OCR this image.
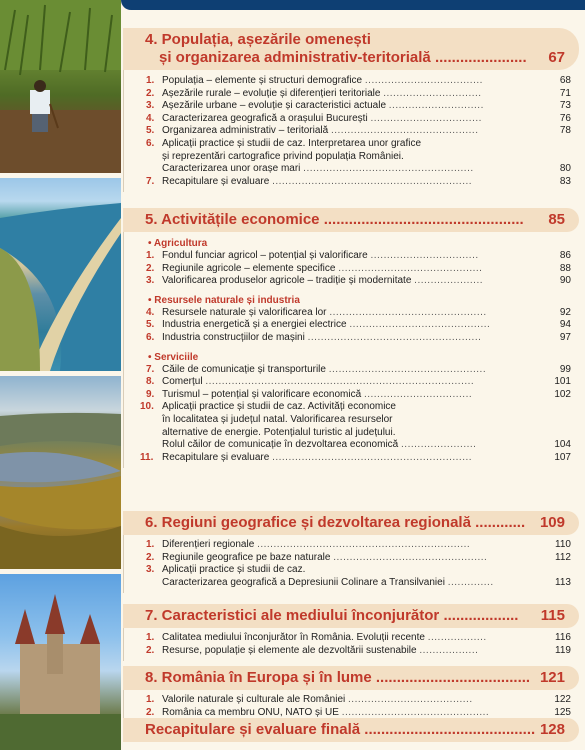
4. Populația, așezările omenești
și organizarea administrativ-teritorială ......................	67
1. Populația – elemente și structuri demografice ....................................	68
2. Așezările rurale – evoluție și diferențieri teritoriale ..............................	71
3. Așezările urbane – evoluție și caracteristici actuale .............................	73
4. Caracterizarea geografică a orașului București ..................................	76
5. Organizarea administrativ – teritorială .............................................	78
6. Aplicații practice și studii de caz. Interpretarea unor grafice
și reprezentări cartografice privind populația României.
Caracterizarea unor orașe mari ....................................................	80
7. Recapitulare și evaluare .............................................................	83
5. Activitățile economice ................................................ 85
• Agricultura
1. Fondul funciar agricol – potențial și valorificare .................................	86
2. Regiunile agricole – elemente specifice ............................................	88
3. Valorificarea produselor agricole – tradiție și modernitate .....................	90
• Resursele naturale și industria
4. Resursele naturale și valorificarea lor ................................................	92
5. Industria energetică și a energiei electrice ...........................................	94
6. Industria construcțiilor de mașini .....................................................	97
• Serviciile
7. Căile de comunicație și transporturile ................................................	99
8. Comerțul ..................................................................................	101
9. Turismul – potențial și valorificare economică .................................	102
10. Aplicații practice și studii de caz. Activități economice
în localitatea și județul natal. Valorificarea resurselor
alternative de energie. Potențialul turistic al județului.
Rolul căilor de comunicație în dezvoltarea economică .......................	104
11. Recapitulare și evaluare .............................................................	107
6. Regiuni geografice și dezvoltarea regională ............ 109
1. Diferențieri regionale .................................................................	110
2. Regiunile geografice pe baze naturale ...............................................	112
3. Aplicații practice și studii de caz.
Caracterizarea geografică a Depresiunii Colinare a Transilvaniei ..............	113
7. Caracteristici ale mediului înconjurător .................. 115
1. Calitatea mediului înconjurător în România. Evoluții recente ..................	116
2. Resurse, populație și elemente ale dezvoltării sustenabile ..................	119
8. România în Europa și în lume ..................................... 121
1. Valorile naturale și culturale ale României ......................................	122
2. România ca membru ONU, NATO și UE .............................................	125
Recapitulare și evaluare finală ......................................... 128
